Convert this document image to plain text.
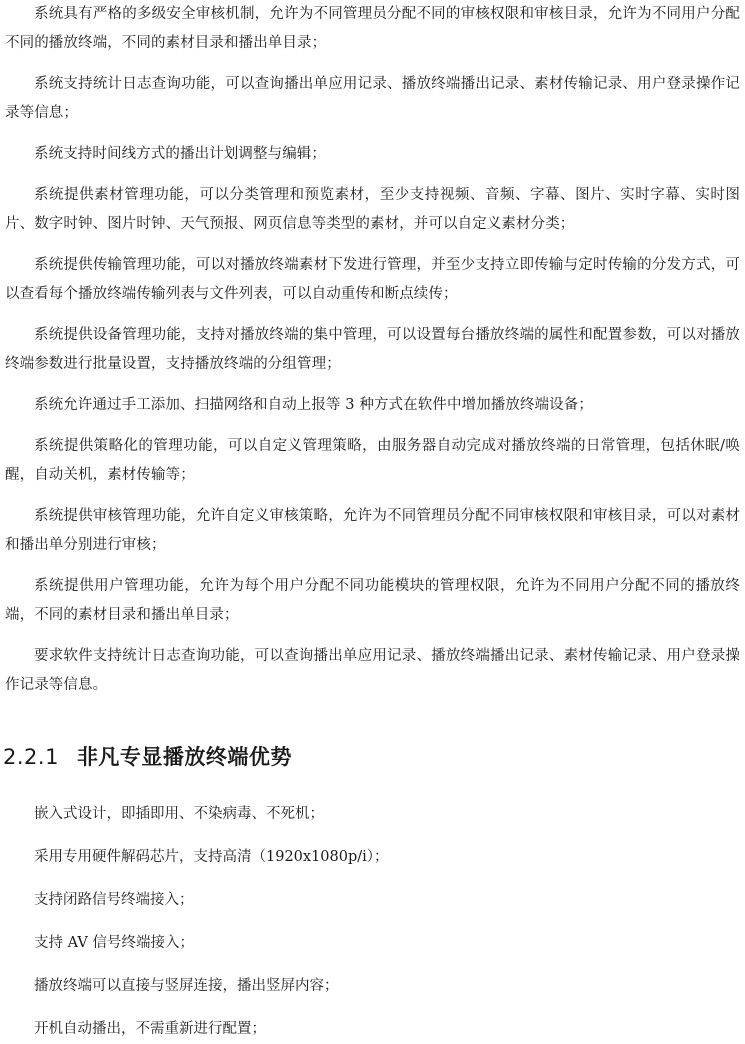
系统具有严格的多级安全审核机制，允许为不同管理员分配不同的审核权限和审核目录，允许为不同用户分配不同的播放终端，不同的素材目录和播出单目录；

系统支持统计日志查询功能，可以查询播出单应用记录、播放终端播出记录、素材传输记录、用户登录操作记录等信息；

系统支持时间线方式的播出计划调整与编辑；

系统提供素材管理功能，可以分类管理和预览素材，至少支持视频、音频、字幕、图片、实时字幕、实时图片、数字时钟、图片时钟、天气预报、网页信息等类型的素材，并可以自定义素材分类；

系统提供传输管理功能，可以对播放终端素材下发进行管理，并至少支持立即传输与定时传输的分发方式，可以查看每个播放终端传输列表与文件列表，可以自动重传和断点续传；

系统提供设备管理功能，支持对播放终端的集中管理，可以设置每台播放终端的属性和配置参数，可以对播放终端参数进行批量设置，支持播放终端的分组管理；

系统允许通过手工添加、扫描网络和自动上报等 3 种方式在软件中增加播放终端设备；

系统提供策略化的管理功能，可以自定义管理策略，由服务器自动完成对播放终端的日常管理，包括休眠/唤醒，自动关机，素材传输等；

系统提供审核管理功能，允许自定义审核策略，允许为不同管理员分配不同审核权限和审核目录，可以对素材和播出单分别进行审核；

系统提供用户管理功能，允许为每个用户分配不同功能模块的管理权限，允许为不同用户分配不同的播放终端，不同的素材目录和播出单目录；

要求软件支持统计日志查询功能，可以查询播出单应用记录、播放终端播出记录、素材传输记录、用户登录操作记录等信息。

2.2.1 非凡专显播放终端优势

嵌入式设计，即插即用、不染病毒、不死机；

采用专用硬件解码芯片，支持高清（1920x1080p/i）；

支持闭路信号终端接入；

支持 AV 信号终端接入；

播放终端可以直接与竖屏连接，播出竖屏内容；

开机自动播出，不需重新进行配置；
